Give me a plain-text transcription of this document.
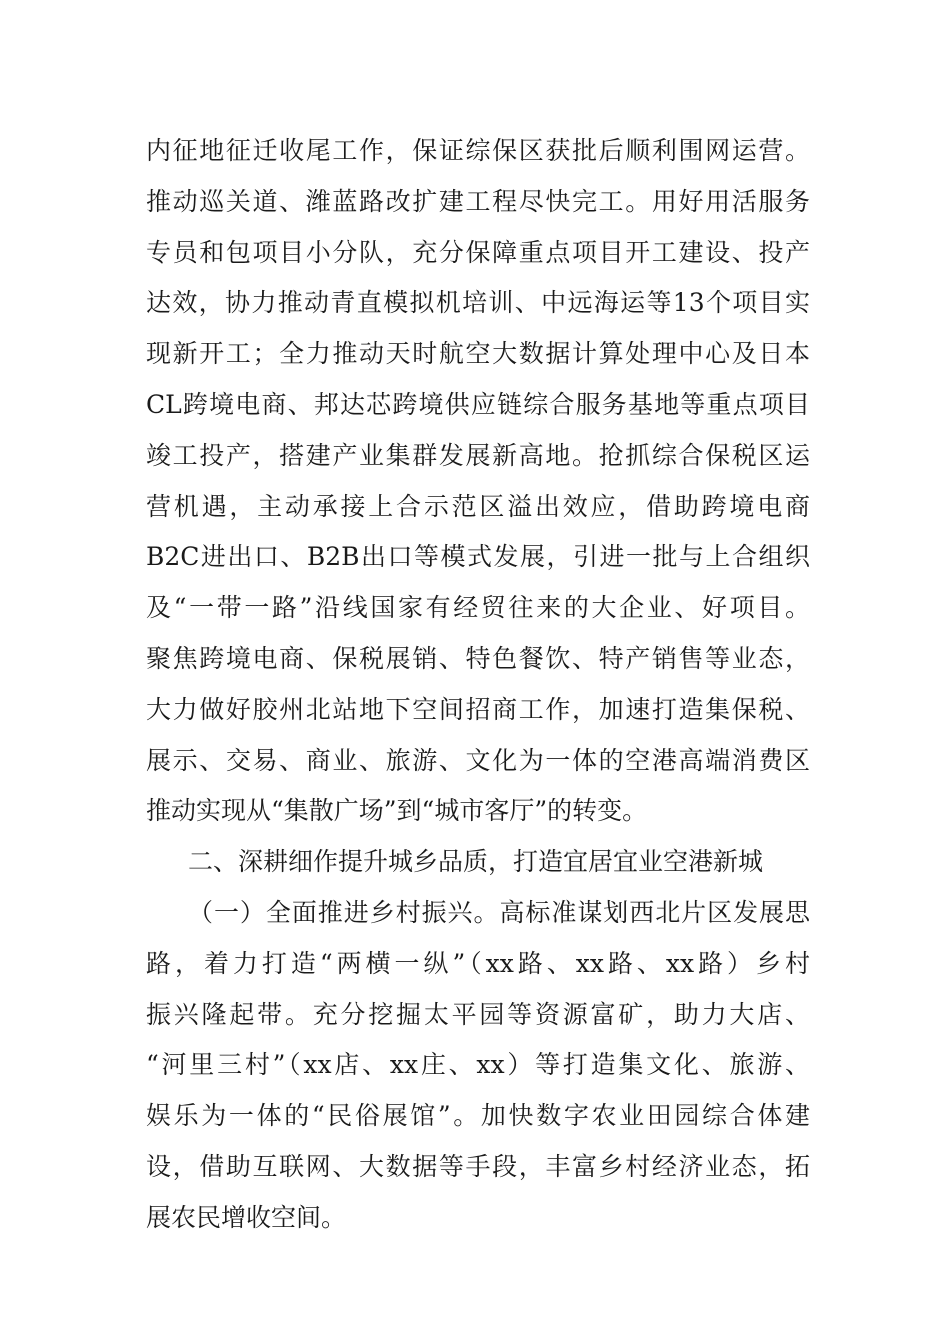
内征地征迁收尾工作，保证综保区获批后顺利围网运营。
推动巡关道、潍蓝路改扩建工程尽快完工。用好用活服务
专员和包项目小分队，充分保障重点项目开工建设、投产
达效，协力推动青直模拟机培训、中远海运等13个项目实
现新开工；全力推动天时航空大数据计算处理中心及日本
CL跨境电商、邦达芯跨境供应链综合服务基地等重点项目
竣工投产，搭建产业集群发展新高地。抢抓综合保税区运
营机遇，主动承接上合示范区溢出效应，借助跨境电商
B2C进出口、B2B出口等模式发展，引进一批与上合组织
及“一带一路”沿线国家有经贸往来的大企业、好项目。
聚焦跨境电商、保税展销、特色餐饮、特产销售等业态，
大力做好胶州北站地下空间招商工作，加速打造集保税、
展示、交易、商业、旅游、文化为一体的空港高端消费区
推动实现从“集散广场”到“城市客厅”的转变。
二、深耕细作提升城乡品质，打造宜居宜业空港新城
（一）全面推进乡村振兴。高标准谋划西北片区发展思
路，着力打造“两横一纵”（xx路、xx路、xx路）乡村
振兴隆起带。充分挖掘太平园等资源富矿，助力大店、
“河里三村”（xx店、xx庄、xx）等打造集文化、旅游、
娱乐为一体的“民俗展馆”。加快数字农业田园综合体建
设，借助互联网、大数据等手段，丰富乡村经济业态，拓
展农民增收空间。
